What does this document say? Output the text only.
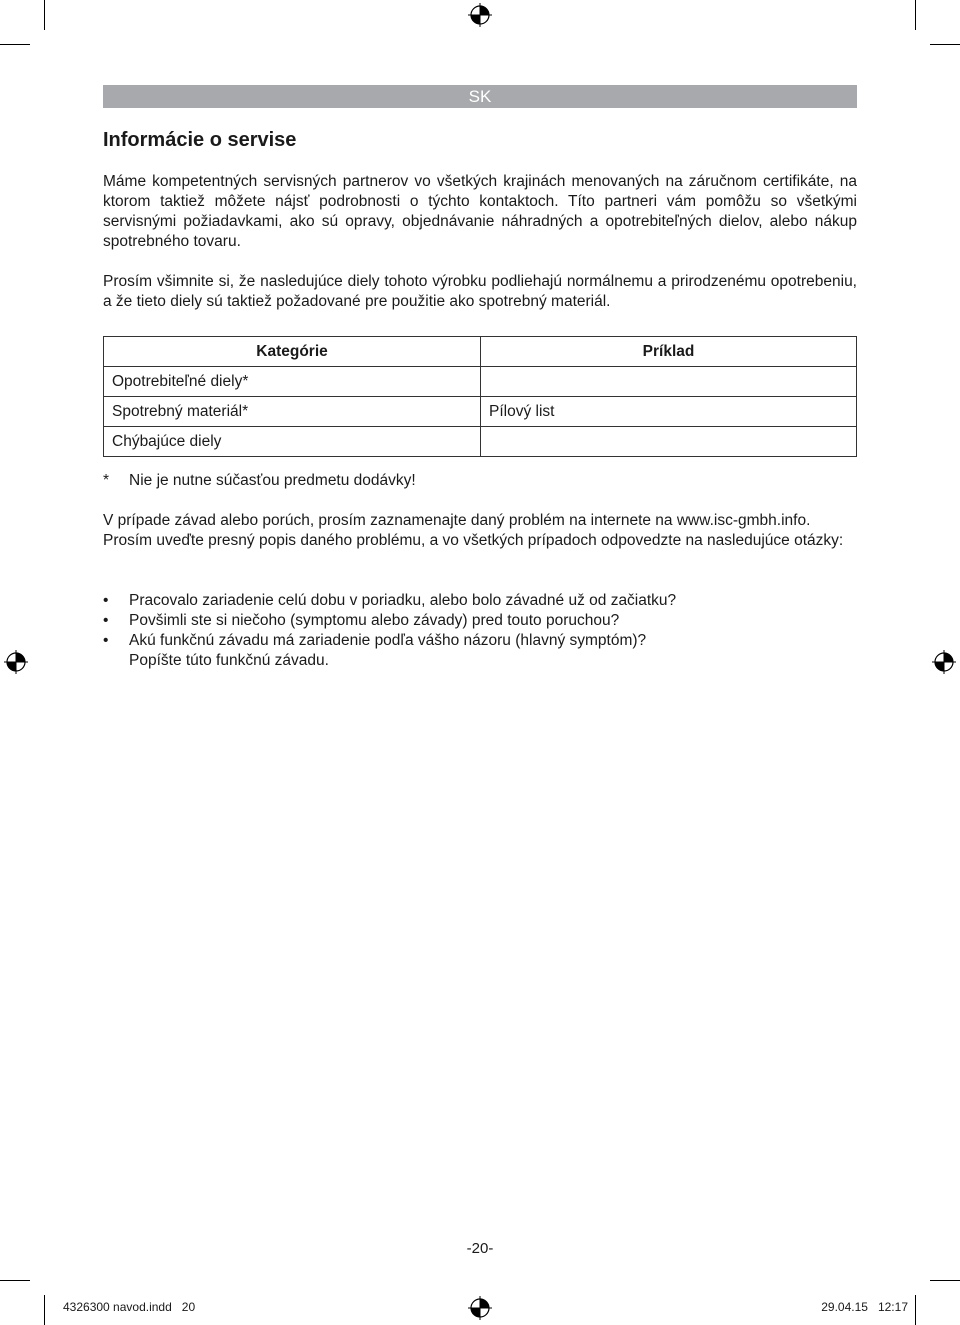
SK
Informácie o servise

Máme kompetentných servisných partnerov vo všetkých krajinách menovaných na záručnom certifikáte, na ktorom taktiež môžete nájsť podrobnosti o týchto kontaktoch. Títo partneri vám pomôžu so všetkými servisnými požiadavkami, ako sú opravy, objednávanie náhradných a opotrebiteľných dielov, alebo nákup spotrebného tovaru.

Prosím všimnite si, že nasledujúce diely tohoto výrobku podliehajú normálnemu a prirodzenému opotrebeniu, a že tieto diely sú taktiež požadované pre použitie ako spotrebný materiál.

Kategórie	Príklad
Opotrebiteľné diely*	
Spotrebný materiál*	Pílový list
Chýbajúce diely	
* Nie je nutne súčasťou predmetu dodávky!

V prípade závad alebo porúch, prosím zaznamenajte daný problém na internete na www.isc-gmbh.info. Prosím uveďte presný popis daného problému, a vo všetkých prípadoch odpovedzte na nasledujúce otázky:

• Pracovalo zariadenie celú dobu v poriadku, alebo bolo závadné už od začiatku?
• Povšimli ste si niečoho (symptomu alebo závady) pred touto poruchou?
• Akú funkčnú závadu má zariadenie podľa vášho názoru (hlavný symptóm)?
Popíšte túto funkčnú závadu.
-20-
4326300 navod.indd   20	29.04.15   12:17
